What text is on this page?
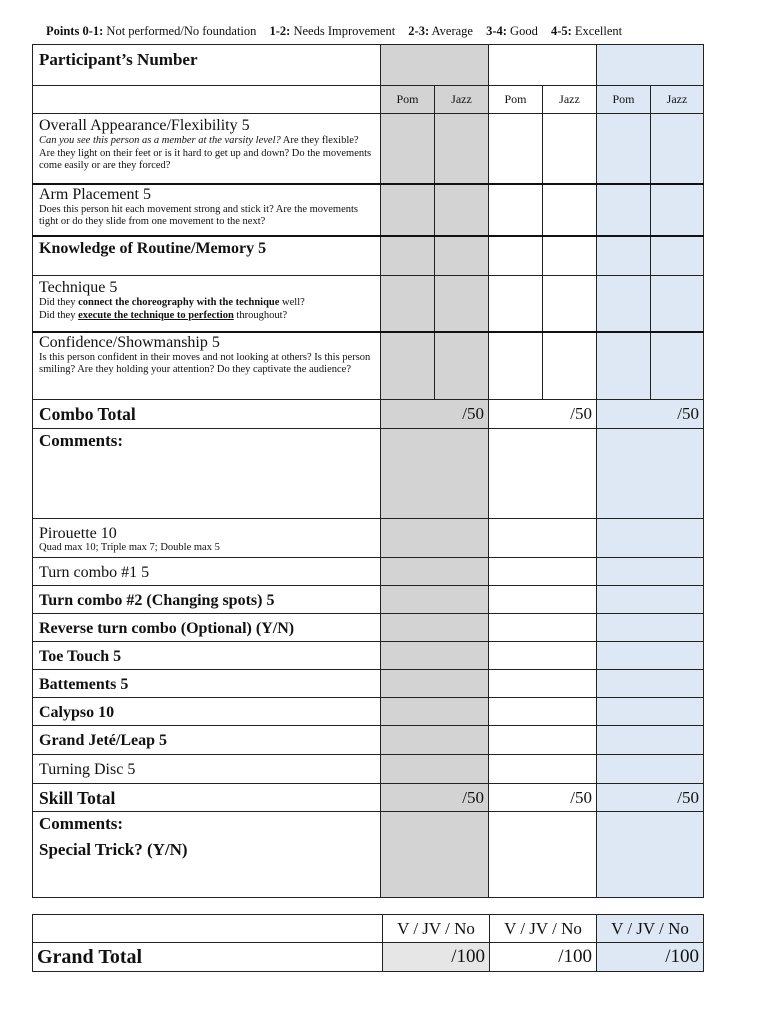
Points 0-1: Not performed/No foundation 1-2: Needs Improvement 2-3: Average 3-4: Good 4-5: Excellent
Participant’s Number						
	Pom	Jazz	Pom	Jazz	Pom	Jazz
Overall Appearance/Flexibility 5
Can you see this person as a member at the varsity level? Are they flexible? Are they light on their feet or is it hard to get up and down? Do the movements come easily or are they forced?						

Arm Placement 5
Does this person hit each movement strong and stick it? Are the movements tight or do they slide from one movement to the next?						

Knowledge of Routine/Memory 5						
Technique 5
Did they connect the choreography with the technique well?
Did they execute the technique to perfection throughout?						

Confidence/Showmanship 5
Is this person confident in their moves and not looking at others? Is this person smiling? Are they holding your attention? Do they captivate the audience?						

Combo Total	/50		/50		/50	
Comments:						
Pirouette 10
Quad max 10; Triple max 7; Double max 5						

Turn combo #1 5						
Turn combo #2 (Changing spots) 5						
Reverse turn combo (Optional) (Y/N)						
Toe Touch 5						
Battements 5						
Calypso 10						
Grand Jeté/Leap 5						
Turning Disc 5						
Skill Total	/50		/50		/50	

Comments:
Special Trick? (Y/N)						

	V / JV / No	V / JV / No	V / JV / No
Grand Total	/100	/100	/100
